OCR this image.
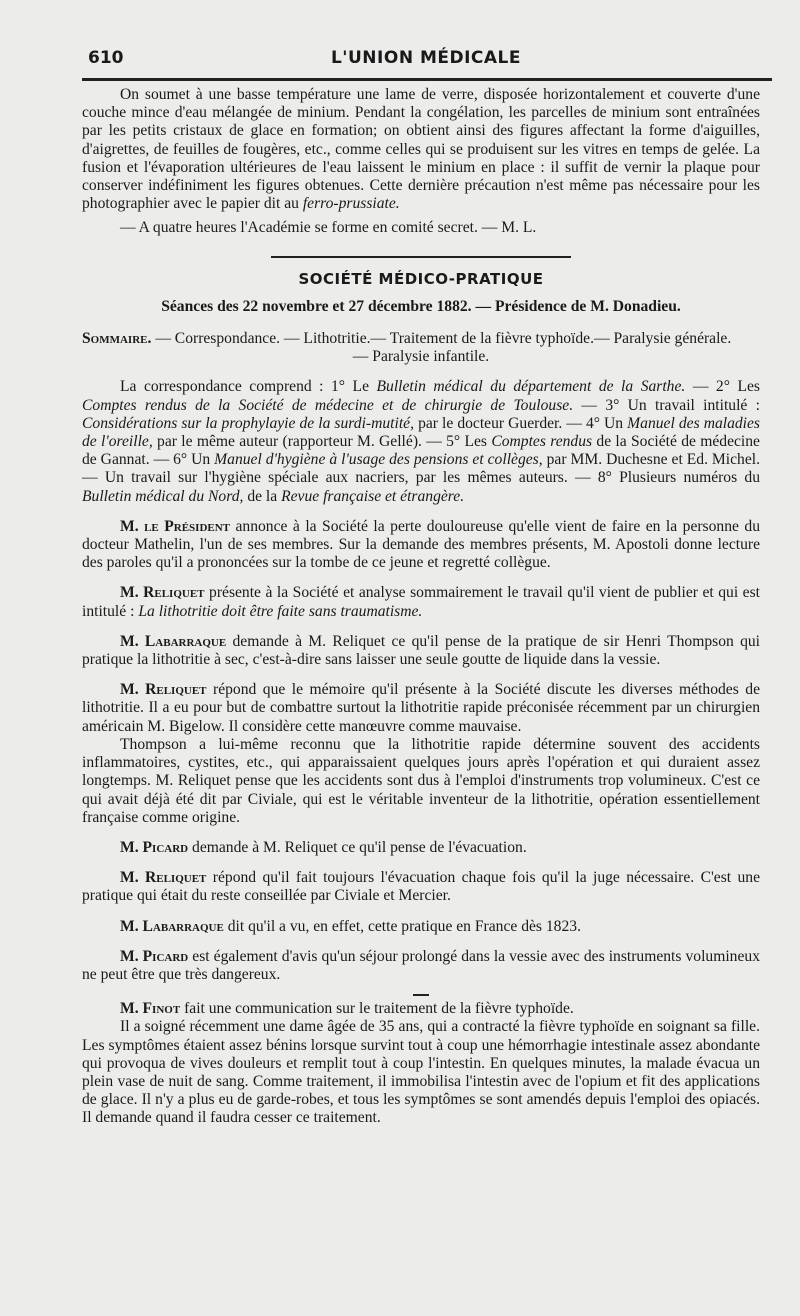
610	L'UNION MÉDICALE

On soumet à une basse température une lame de verre, disposée horizontalement et couverte d'une couche mince d'eau mélangée de minium. Pendant la congélation, les parcelles de minium sont entraînées par les petits cristaux de glace en formation; on obtient ainsi des figures affectant la forme d'aiguilles, d'aigrettes, de feuilles de fougères, etc., comme celles qui se produisent sur les vitres en temps de gelée. La fusion et l'évaporation ultérieures de l'eau laissent le minium en place : il suffit de vernir la plaque pour conserver indéfiniment les figures obtenues. Cette dernière précaution n'est même pas nécessaire pour les photographier avec le papier dit au ferro-prussiate.

— A quatre heures l'Académie se forme en comité secret. — M. L.

SOCIÉTÉ MÉDICO-PRATIQUE

Séances des 22 novembre et 27 décembre 1882. — Présidence de M. Donadieu.

Sommaire. — Correspondance. — Lithotritie.— Traitement de la fièvre typhoïde.— Paralysie générale.

— Paralysie infantile.

La correspondance comprend : 1° Le Bulletin médical du département de la Sarthe. — 2° Les Comptes rendus de la Société de médecine et de chirurgie de Toulouse. — 3° Un travail intitulé : Considérations sur la prophylayie de la surdi-mutité, par le docteur Guerder. — 4° Un Manuel des maladies de l'oreille, par le même auteur (rapporteur M. Gellé). — 5° Les Comptes rendus de la Société de médecine de Gannat. — 6° Un Manuel d'hygiène à l'usage des pensions et collèges, par MM. Duchesne et Ed. Michel. — Un travail sur l'hygiène spéciale aux nacriers, par les mêmes auteurs. — 8° Plusieurs numéros du Bulletin médical du Nord, de la Revue française et étrangère.

M. le Président annonce à la Société la perte douloureuse qu'elle vient de faire en la personne du docteur Mathelin, l'un de ses membres. Sur la demande des membres présents, M. Apostoli donne lecture des paroles qu'il a prononcées sur la tombe de ce jeune et regretté collègue.

M. Reliquet présente à la Société et analyse sommairement le travail qu'il vient de publier et qui est intitulé : La lithotritie doit être faite sans traumatisme.

M. Labarraque demande à M. Reliquet ce qu'il pense de la pratique de sir Henri Thompson qui pratique la lithotritie à sec, c'est-à-dire sans laisser une seule goutte de liquide dans la vessie.

M. Reliquet répond que le mémoire qu'il présente à la Société discute les diverses méthodes de lithotritie. Il a eu pour but de combattre surtout la lithotritie rapide préconisée récemment par un chirurgien américain M. Bigelow. Il considère cette manœuvre comme mauvaise.

Thompson a lui-même reconnu que la lithotritie rapide détermine souvent des accidents inflammatoires, cystites, etc., qui apparaissaient quelques jours après l'opération et qui duraient assez longtemps. M. Reliquet pense que les accidents sont dus à l'emploi d'instruments trop volumineux. C'est ce qui avait déjà été dit par Civiale, qui est le véritable inventeur de la lithotritie, opération essentiellement française comme origine.

M. Picard demande à M. Reliquet ce qu'il pense de l'évacuation.

M. Reliquet répond qu'il fait toujours l'évacuation chaque fois qu'il la juge nécessaire. C'est une pratique qui était du reste conseillée par Civiale et Mercier.

M. Labarraque dit qu'il a vu, en effet, cette pratique en France dès 1823.

M. Picard est également d'avis qu'un séjour prolongé dans la vessie avec des instruments volumineux ne peut être que très dangereux.

M. Finot fait une communication sur le traitement de la fièvre typhoïde.

Il a soigné récemment une dame âgée de 35 ans, qui a contracté la fièvre typhoïde en soignant sa fille. Les symptômes étaient assez bénins lorsque survint tout à coup une hémorrhagie intestinale assez abondante qui provoqua de vives douleurs et remplit tout à coup l'intestin. En quelques minutes, la malade évacua un plein vase de nuit de sang. Comme traitement, il immobilisa l'intestin avec de l'opium et fit des applications de glace. Il n'y a plus eu de garde-robes, et tous les symptômes se sont amendés depuis l'emploi des opiacés. Il demande quand il faudra cesser ce traitement.
